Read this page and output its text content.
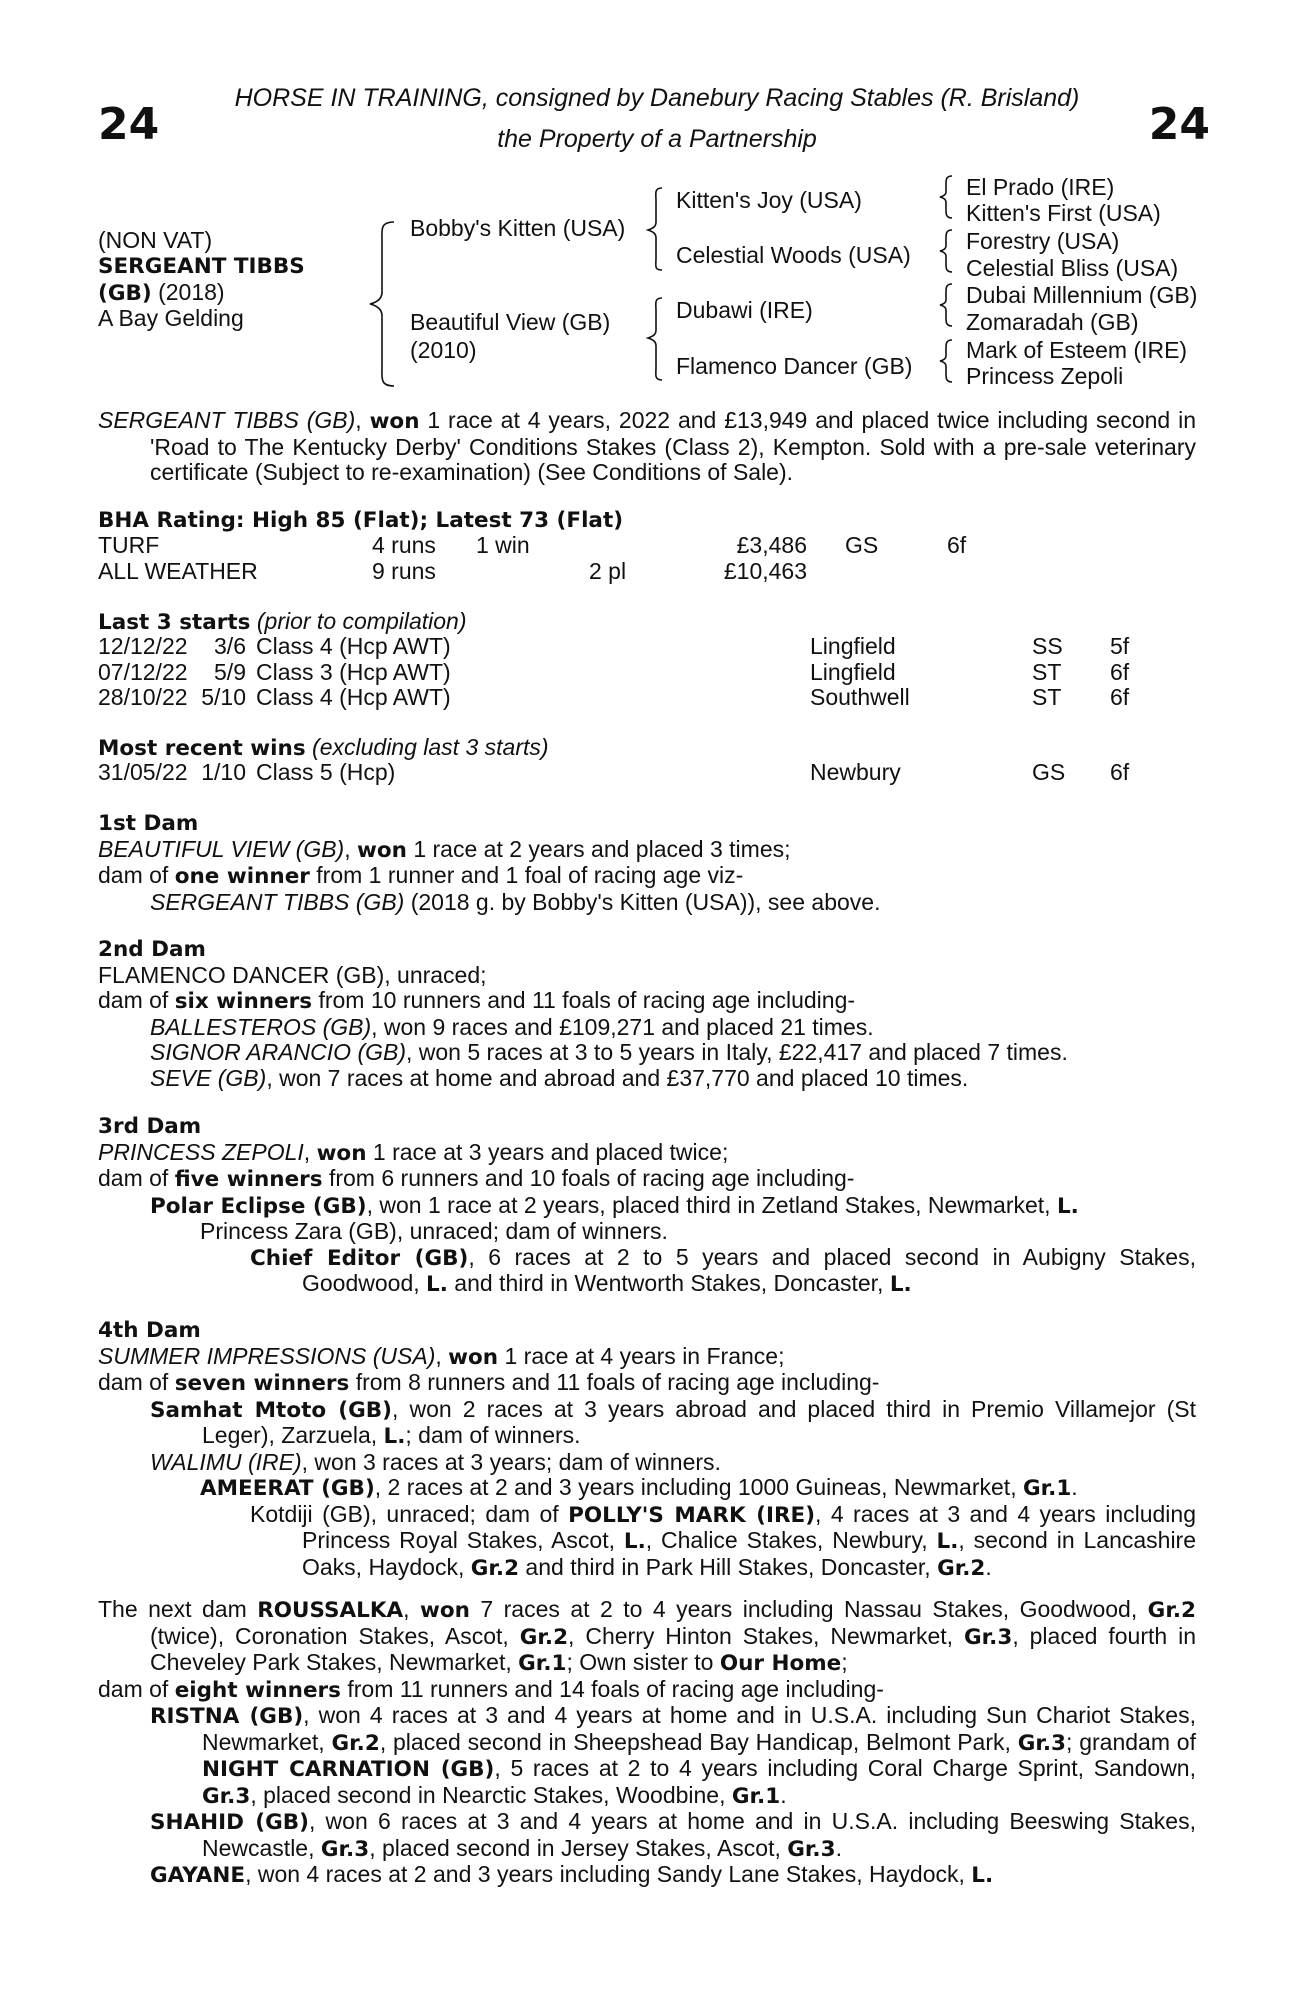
24	24
HORSE IN TRAINING, consigned by Danebury Racing Stables (R. Brisland)
the Property of a Partnership
(NON VAT)
SERGEANT TIBBS
(GB) (2018)
A Bay Gelding
Bobby's Kitten (USA)
Beautiful View (GB)
(2010)
Kitten's Joy (USA)
Celestial Woods (USA)
Dubawi (IRE)
Flamenco Dancer (GB)
El Prado (IRE)
Kitten's First (USA)
Forestry (USA)
Celestial Bliss (USA)
Dubai Millennium (GB)
Zomaradah (GB)
Mark of Esteem (IRE)
Princess Zepoli

SERGEANT TIBBS (GB), won 1 race at 4 years, 2022 and £13,949 and placed twice including second in 'Road to The Kentucky Derby' Conditions Stakes (Class 2), Kempton. Sold with a pre-sale veterinary certificate (Subject to re-examination) (See Conditions of Sale).

BHA Rating: High 85 (Flat); Latest 73 (Flat)
TURF	4 runs	1 win		£3,486		GS	6f
ALL WEATHER	9 runs		2 pl	£10,463			
Last 3 starts (prior to compilation)
12/12/22	3/6	Class 4 (Hcp AWT)	Lingfield	SS	5f
07/12/22	5/9	Class 3 (Hcp AWT)	Lingfield	ST	6f
28/10/22	5/10	Class 4 (Hcp AWT)	Southwell	ST	6f
Most recent wins (excluding last 3 starts)
31/05/22	1/10	Class 5 (Hcp)	Newbury	GS	6f

1st Dam

BEAUTIFUL VIEW (GB), won 1 race at 2 years and placed 3 times;

dam of one winner from 1 runner and 1 foal of racing age viz-

SERGEANT TIBBS (GB) (2018 g. by Bobby's Kitten (USA)), see above.

2nd Dam

FLAMENCO DANCER (GB), unraced;

dam of six winners from 10 runners and 11 foals of racing age including-

BALLESTEROS (GB), won 9 races and £109,271 and placed 21 times.

SIGNOR ARANCIO (GB), won 5 races at 3 to 5 years in Italy, £22,417 and placed 7 times.

SEVE (GB), won 7 races at home and abroad and £37,770 and placed 10 times.

3rd Dam

PRINCESS ZEPOLI, won 1 race at 3 years and placed twice;

dam of five winners from 6 runners and 10 foals of racing age including-

Polar Eclipse (GB), won 1 race at 2 years, placed third in Zetland Stakes, Newmarket, L.

Princess Zara (GB), unraced; dam of winners.

Chief Editor (GB), 6 races at 2 to 5 years and placed second in Aubigny Stakes, Goodwood, L. and third in Wentworth Stakes, Doncaster, L.

4th Dam

SUMMER IMPRESSIONS (USA), won 1 race at 4 years in France;

dam of seven winners from 8 runners and 11 foals of racing age including-

Samhat Mtoto (GB), won 2 races at 3 years abroad and placed third in Premio Villamejor (St Leger), Zarzuela, L.; dam of winners.

WALIMU (IRE), won 3 races at 3 years; dam of winners.

AMEERAT (GB), 2 races at 2 and 3 years including 1000 Guineas, Newmarket, Gr.1.

Kotdiji (GB), unraced; dam of POLLY'S MARK (IRE), 4 races at 3 and 4 years including Princess Royal Stakes, Ascot, L., Chalice Stakes, Newbury, L., second in Lancashire Oaks, Haydock, Gr.2 and third in Park Hill Stakes, Doncaster, Gr.2.

The next dam ROUSSALKA, won 7 races at 2 to 4 years including Nassau Stakes, Goodwood, Gr.2 (twice), Coronation Stakes, Ascot, Gr.2, Cherry Hinton Stakes, Newmarket, Gr.3, placed fourth in Cheveley Park Stakes, Newmarket, Gr.1; Own sister to Our Home;

dam of eight winners from 11 runners and 14 foals of racing age including-

RISTNA (GB), won 4 races at 3 and 4 years at home and in U.S.A. including Sun Chariot Stakes, Newmarket, Gr.2, placed second in Sheepshead Bay Handicap, Belmont Park, Gr.3; grandam of NIGHT CARNATION (GB), 5 races at 2 to 4 years including Coral Charge Sprint, Sandown, Gr.3, placed second in Nearctic Stakes, Woodbine, Gr.1.

SHAHID (GB), won 6 races at 3 and 4 years at home and in U.S.A. including Beeswing Stakes, Newcastle, Gr.3, placed second in Jersey Stakes, Ascot, Gr.3.

GAYANE, won 4 races at 2 and 3 years including Sandy Lane Stakes, Haydock, L.
